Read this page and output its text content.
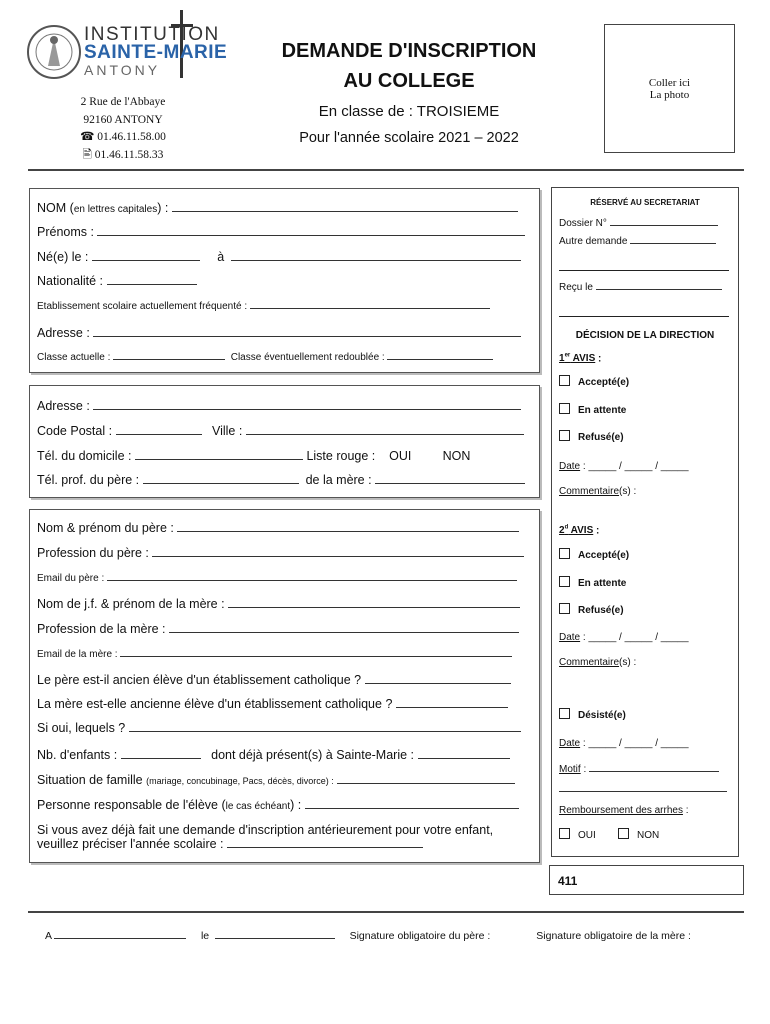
INSTITUTION
SAINTE-MARIE
ANTONY
2 Rue de l'Abbaye
92160 ANTONY
☎ 01.46.11.58.00
🖹 01.46.11.58.33
DEMANDE D'INSCRIPTION
AU COLLEGE
En classe de : TROISIEME
Pour l'année scolaire 2021 – 2022
Coller ici
La photo
NOM (en lettres capitales) :
Prénoms :
Né(e) le :	à
Nationalité :
Etablissement scolaire actuellement fréquenté :
Adresse :
Classe actuelle :	Classe éventuellement redoublée :
Adresse :
Code Postal :	Ville :
Tél. du domicile :	Liste rouge : OUI	NON
Tél. prof. du père :	de la mère :
Nom & prénom du père :
Profession du père :
Email du père :
Nom de j.f. & prénom de la mère :
Profession de la mère :
Email de la mère :
Le père est-il ancien élève d'un établissement catholique ?
La mère est-elle ancienne élève d'un établissement catholique ?
Si oui, lequels ?
Nb. d'enfants :	dont déjà présent(s) à Sainte-Marie :
Situation de famille (mariage, concubinage, Pacs, décès, divorce) :
Personne responsable de l'élève (le cas échéant) :
Si vous avez déjà fait une demande d'inscription antérieurement pour votre enfant,
veuillez préciser l'année scolaire :
RÉSERVÉ AU SECRETARIAT
Dossier N°
Autre demande
Reçu le
DÉCISION DE LA DIRECTION
1er AVIS :
Accepté(e)
En attente
Refusé(e)
Date : _____ / _____ / _____
Commentaire(s) :
2$^d$ AVIS :
Accepté(e)
En attente
Refusé(e)
Date : _____ / _____ / _____
Commentaire(s) :
Désisté(e)
Date : _____ / _____ / _____
Motif :
Remboursement des arrhes :
OUI	NON
411
A	le	Signature obligatoire du père :	Signature obligatoire de la mère :
